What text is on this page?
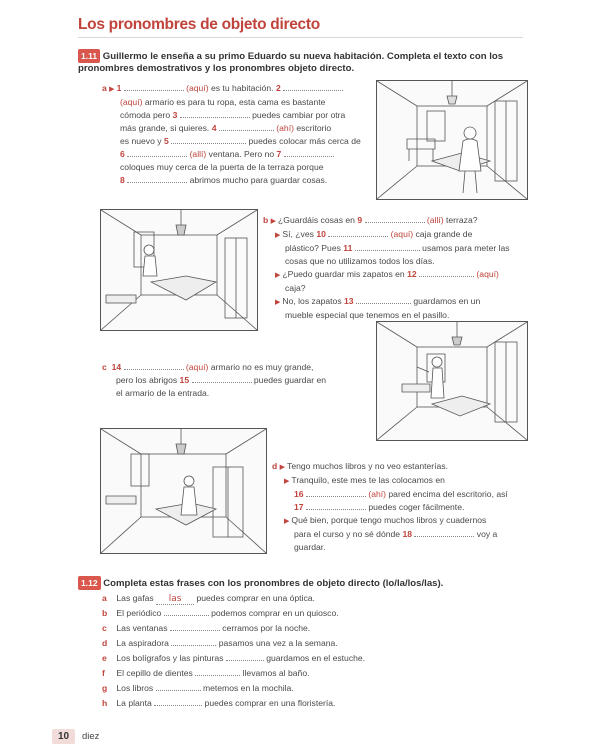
Los pronombres de objeto directo
1.11 Guillermo le enseña a su primo Eduardo su nueva habitación. Completa el texto con los
pronombres demostrativos y los pronombres objeto directo.
a ▶ 1	(aquí) es tu habitación. 2
(aquí) armario es para tu ropa, esta cama es bastante
cómoda pero 3	puedes cambiar por otra
más grande, si quieres. 4	(ahí) escritorio
es nuevo y 5	puedes colocar más cerca de
6	(allí) ventana. Pero no 7
coloques muy cerca de la puerta de la terraza porque
8	abrimos mucho para guardar cosas.
b ▶ ¿Guardáis cosas en 9	(allí) terraza?
▶ Sí, ¿ves 10	(aquí) caja grande de
plástico? Pues 11	usamos para meter las
cosas que no utilizamos todos los días.
▶ ¿Puedo guardar mis zapatos en 12	(aquí)
caja?
▶ No, los zapatos 13	guardamos en un
mueble especial que tenemos en el pasillo.
c 14	(aquí) armario no es muy grande,
pero los abrigos 15	puedes guardar en
el armario de la entrada.
d ▶ Tengo muchos libros y no veo estanterías.
▶ Tranquilo, este mes te las colocamos en
16	(ahí) pared encima del escritorio, así
17	puedes coger fácilmente.
▶ Qué bien, porque tengo muchos libros y cuadernos
para el curso y no sé dónde 18	voy a
guardar.
1.12 Completa estas frases con los pronombres de objeto directo (lo/la/los/las).
a Las gafas las puedes comprar en una óptica.
b El periódico	podemos comprar en un quiosco.
c Las ventanas	cerramos por la noche.
d La aspiradora	pasamos una vez a la semana.
e Los bolígrafos y las pinturas	guardamos en el estuche.
f El cepillo de dientes	llevamos al baño.
g Los libros	metemos en la mochila.
h La planta	puedes comprar en una floristería.
10	diez
